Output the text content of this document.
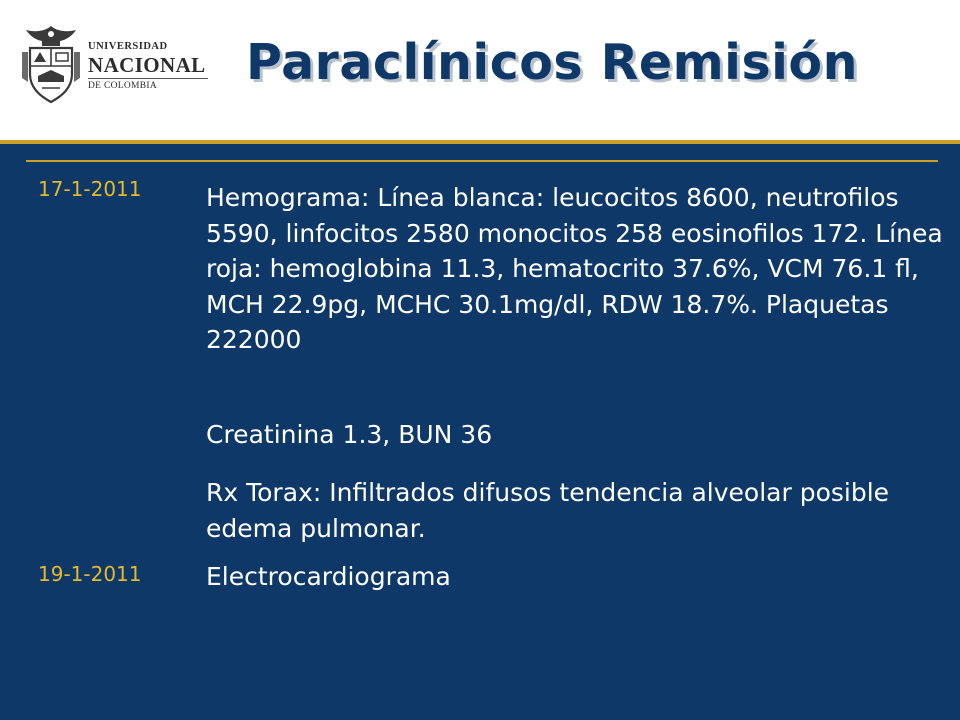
UNIVERSIDAD
NACIONAL
DE COLOMBIA	Paraclínicos Remisión
17-1-2011	Hemograma: Línea blanca: leucocitos 8600, neutrofilos 5590, linfocitos 2580 monocitos 258 eosinofilos 172. Línea roja: hemoglobina 11.3, hematocrito 37.6%, VCM 76.1 fl, MCH 22.9pg, MCHC 30.1mg/dl, RDW 18.7%. Plaquetas 222000

Creatinina 1.3, BUN 36

Rx Torax: Infiltrados difusos tendencia alveolar posible edema pulmonar.

19-1-2011	Electrocardiograma
